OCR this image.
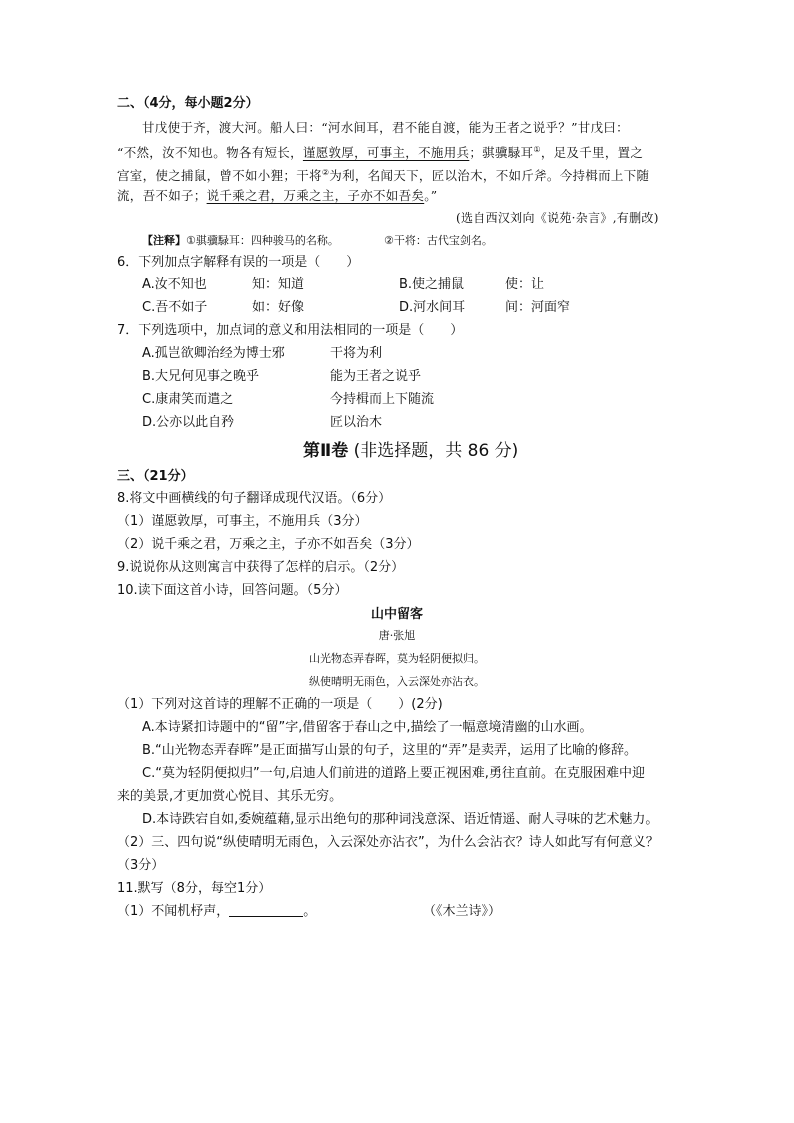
二、（4分，每小题2分）
甘戊使于齐，渡大河。船人曰：“河水间耳，君不能自渡，能为王者之说乎？”甘戊曰：
“不然，汝不知也。物各有短长，谨愿敦厚，可事主，不施用兵；骐骥騄耳①，足及千里，置之
宫室，使之捕鼠，曾不如小狸；干将②为利，名闻天下，匠以治木，不如斤斧。今持楫而上下随
流，吾不如子；说千乘之君，万乘之主，子亦不如吾矣。”
(选自西汉刘向《说苑·杂言》,有删改)
【注释】①骐骥騄耳：四种骏马的名称。	②干将：古代宝剑名。
6．下列加点字解释有误的一项是（　　）
A.汝不知也	知：知道	B.使之捕鼠	使：让
C.吾不如子	如：好像	D.河水间耳	间：河面窄
7．下列选项中，加点词的意义和用法相同的一项是（　　）
A.孤岂欲卿治经为博士邪	干将为利
B.大兄何见事之晚乎	能为王者之说乎
C.康肃笑而遣之	今持楫而上下随流
D.公亦以此自矜	匠以治木
第Ⅱ卷 (非选择题，共 86 分)
三、（21分）
8.将文中画横线的句子翻译成现代汉语。（6分）
（1）谨愿敦厚，可事主，不施用兵（3分）
（2）说千乘之君，万乘之主，子亦不如吾矣（3分）
9.说说你从这则寓言中获得了怎样的启示。（2分）
10.读下面这首小诗，回答问题。（5分）
山中留客
唐·张旭
山光物态弄春晖，莫为轻阴便拟归。
纵使晴明无雨色，入云深处亦沾衣。
（1）下列对这首诗的理解不正确的一项是（　　）(2分)
A.本诗紧扣诗题中的“留”字,借留客于春山之中,描绘了一幅意境清幽的山水画。
B.“山光物态弄春晖”是正面描写山景的句子，这里的“弄”是卖弄，运用了比喻的修辞。
C.“莫为轻阴便拟归”一句,启迪人们前进的道路上要正视困难,勇往直前。在克服困难中迎
来的美景,才更加赏心悦目、其乐无穷。
D.本诗跌宕自如,委婉蕴藉,显示出绝句的那种词浅意深、语近情遥、耐人寻味的艺术魅力。
（2）三、四句说“纵使晴明无雨色，入云深处亦沾衣”，为什么会沾衣？诗人如此写有何意义？
（3分）
11.默写（8分，每空1分）
（1）不闻机杼声，	。	（《木兰诗》）
